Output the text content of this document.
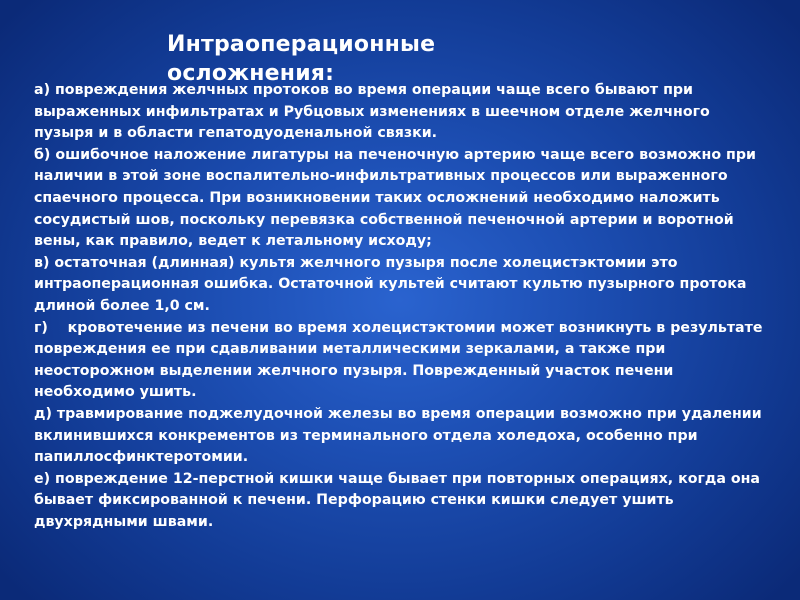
Интраоперационные осложнения:

а) повреждения желчных протоков во время операции чаще всего бывают при выраженных инфильтратах и Рубцовых изменениях в шеечном отделе желчного пузыря и в области гепатодуоденальной связки.

б) ошибочное наложение лигатуры на печеночную артерию чаще всего возможно при наличии в этой зоне воспалительно-инфильтративных процессов или выраженного спаечного процесса. При возникновении таких осложнений необходимо наложить сосудистый шов, поскольку перевязка собственной печеночной артерии и воротной вены, как правило, ведет к летальному исходу;

в) остаточная (длинная) культя желчного пузыря после холецистэктомии это интраоперационная ошибка. Остаточной культей считают культю пузырного протока длиной более 1,0 см.

г)    кровотечение из печени во время холецистэктомии может возникнуть в результате повреждения ее при сдавливании металлическими зеркалами, а также при неосторожном выделении желчного пузыря. Поврежденный участок печени необходимо ушить.

д) травмирование поджелудочной железы во время операции возможно при удалении вклинившихся конкрементов из терминального отдела холедоха, особенно при папиллосфинктеротомии.

е) повреждение 12-перстной кишки чаще бывает при повторных операциях, когда она бывает фиксированной к печени. Перфорацию стенки кишки следует ушить двухрядными швами.
